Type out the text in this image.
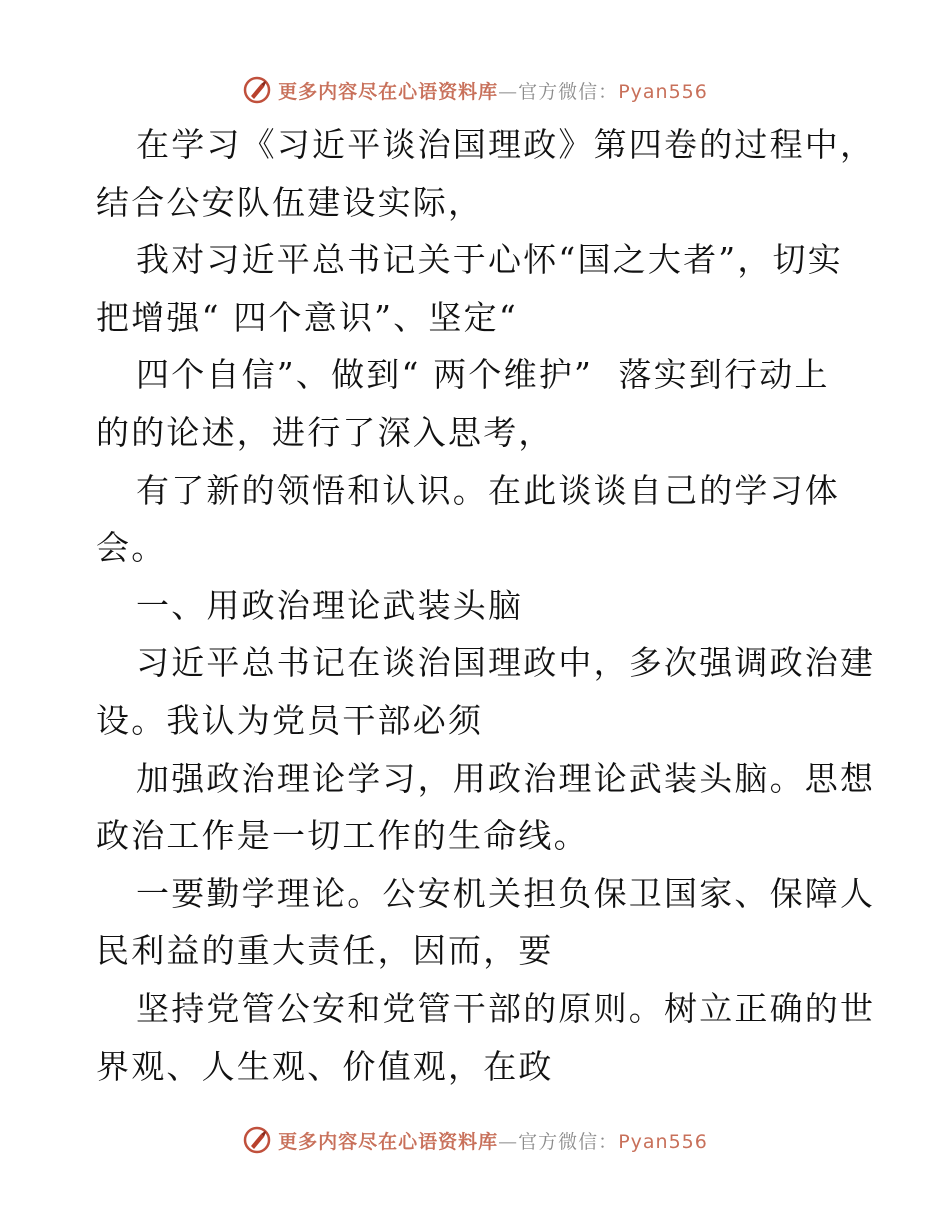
更多内容尽在心语资料库—官方微信：Pyan556
在学习《习近平谈治国理政》第四卷的过程中，
结合公安队伍建设实际，
我对习近平总书记关于心怀“国之大者”，切实
把增强“ 四个意识”、坚定“
四个自信”、做到“ 两个维护”  落实到行动上
的的论述，进行了深入思考，
有了新的领悟和认识。在此谈谈自己的学习体
会。
一、用政治理论武装头脑
习近平总书记在谈治国理政中，多次强调政治建
设。我认为党员干部必须
加强政治理论学习，用政治理论武装头脑。思想
政治工作是一切工作的生命线。
一要勤学理论。公安机关担负保卫国家、保障人
民利益的重大责任，因而，要
坚持党管公安和党管干部的原则。树立正确的世
界观、人生观、价值观，在政
更多内容尽在心语资料库—官方微信：Pyan556
